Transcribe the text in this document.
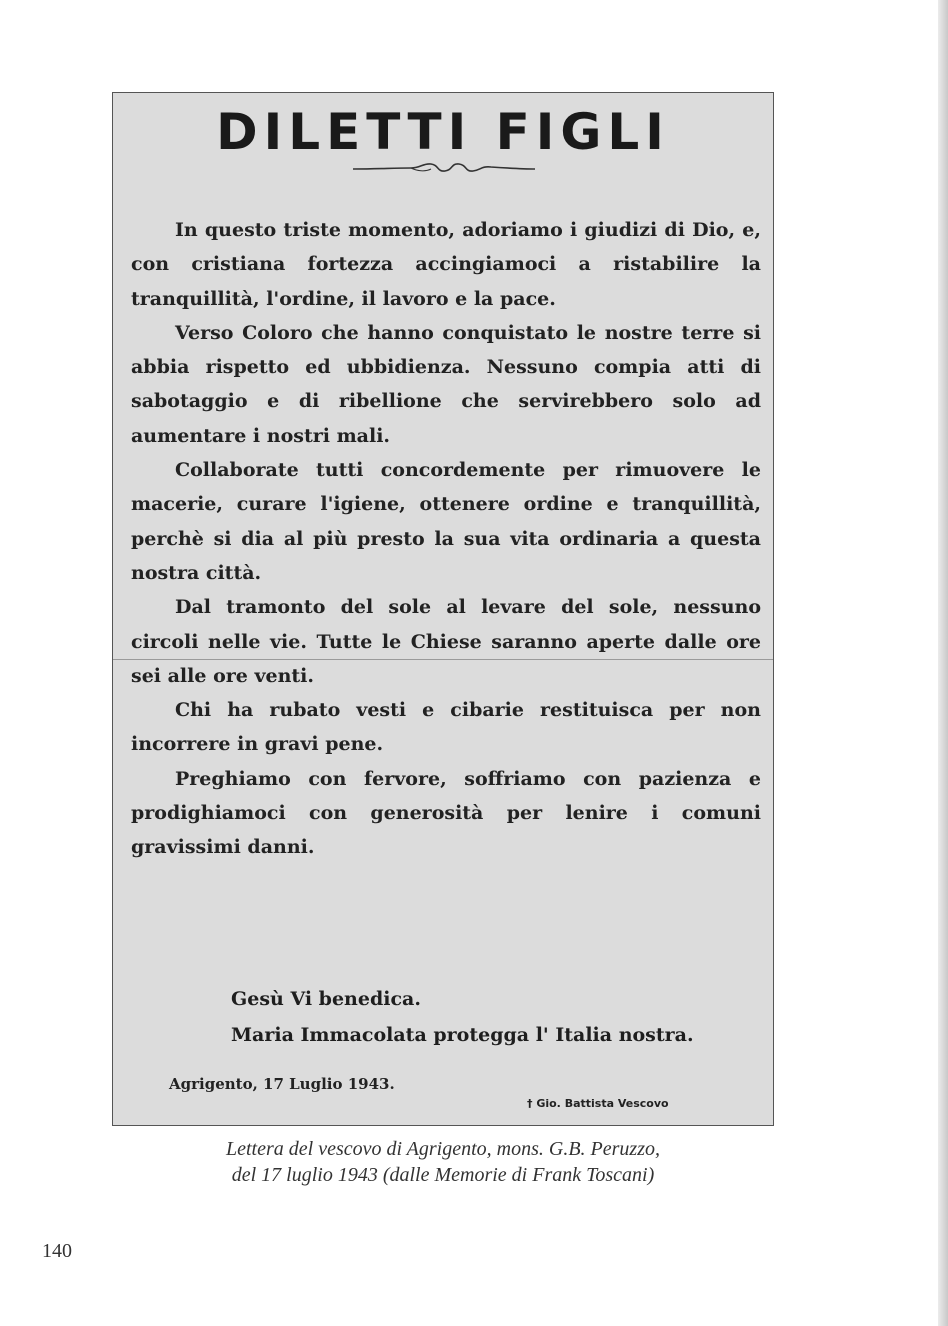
DILETTI FIGLI

In questo triste momento, adoriamo i giudizi di Dio, e, con cristiana fortezza accingiamoci a ristabilire la tranquillità, l'ordine, il lavoro e la pace.

Verso Coloro che hanno conquistato le nostre terre si abbia rispetto ed ubbidienza. Nessuno compia atti di sabotaggio e di ribellione che servirebbero solo ad aumentare i nostri mali.

Collaborate tutti concordemente per rimuovere le macerie, curare l'igiene, ottenere ordine e tranquillità, perchè si dia al più presto la sua vita ordinaria a questa nostra città.

Dal tramonto del sole al levare del sole, nessuno circoli nelle vie. Tutte le Chiese saranno aperte dalle ore sei alle ore venti.

Chi ha rubato vesti e cibarie restituisca per non incorrere in gravi pene.

Preghiamo con fervore, soffriamo con pazienza e prodighiamoci con generosità per lenire i comuni gravissimi danni.

Gesù Vi benedica.
Maria Immacolata protegga l' Italia nostra.
Agrigento, 17 Luglio 1943.
† Gio. Battista Vescovo
Lettera del vescovo di Agrigento, mons. G.B. Peruzzo,
del 17 luglio 1943 (dalle Memorie di Frank Toscani)
140
